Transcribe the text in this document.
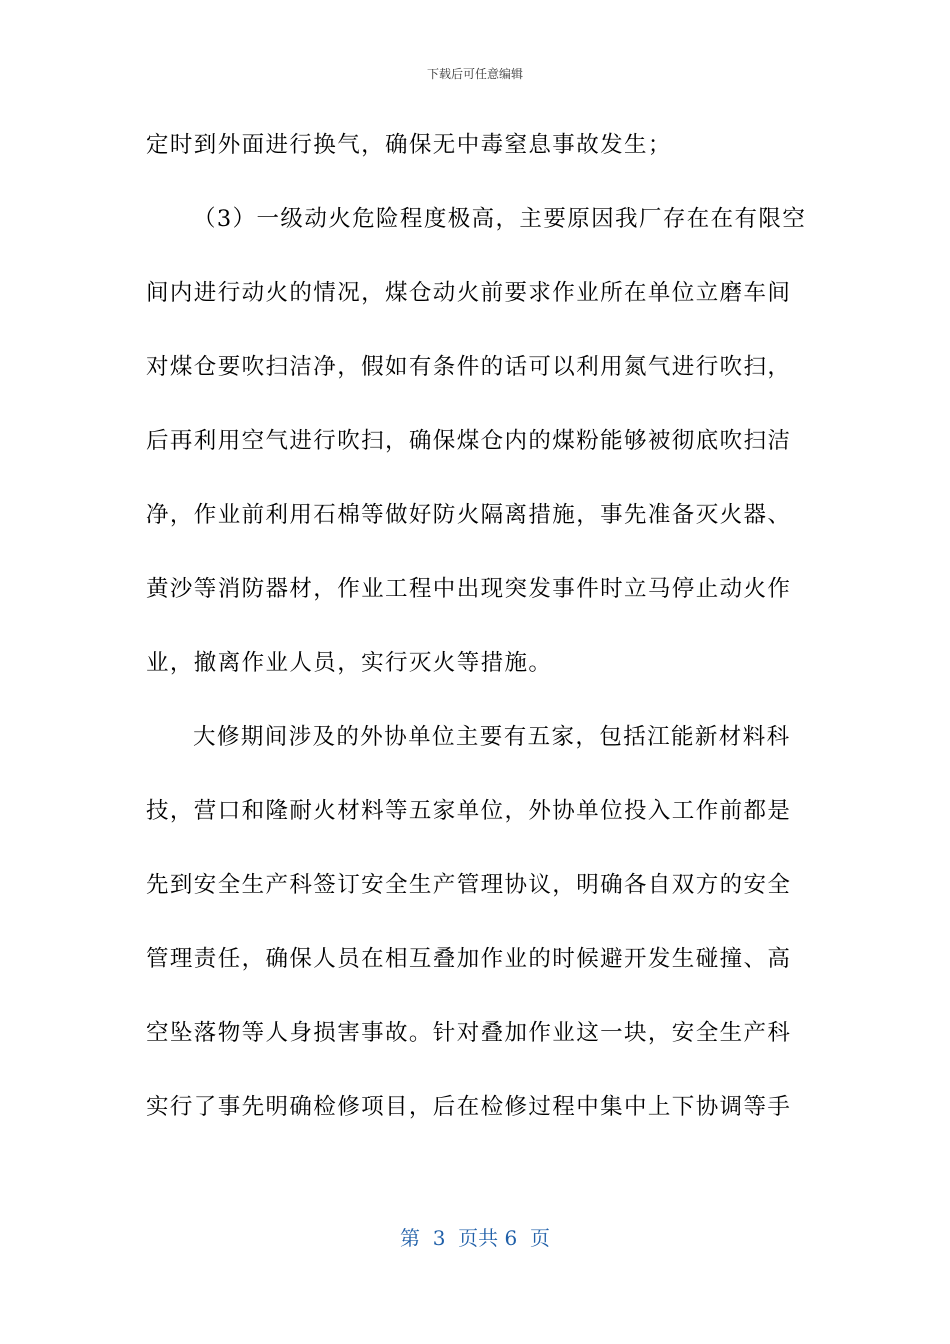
下载后可任意编辑
定时到外面进行换气，确保无中毒窒息事故发生；
（3）一级动火危险程度极高，主要原因我厂存在在有限空
间内进行动火的情况，煤仓动火前要求作业所在单位立磨车间
对煤仓要吹扫洁净，假如有条件的话可以利用氮气进行吹扫，
后再利用空气进行吹扫，确保煤仓内的煤粉能够被彻底吹扫洁
净，作业前利用石棉等做好防火隔离措施，事先准备灭火器、
黄沙等消防器材，作业工程中出现突发事件时立马停止动火作
业，撤离作业人员，实行灭火等措施。
大修期间涉及的外协单位主要有五家，包括江能新材料科
技，营口和隆耐火材料等五家单位，外协单位投入工作前都是
先到安全生产科签订安全生产管理协议，明确各自双方的安全
管理责任，确保人员在相互叠加作业的时候避开发生碰撞、高
空坠落物等人身损害事故。针对叠加作业这一块，安全生产科
实行了事先明确检修项目，后在检修过程中集中上下协调等手
第  3  页共 6  页
